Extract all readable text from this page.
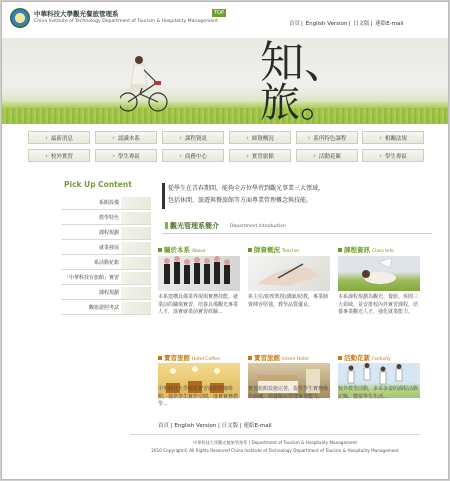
中華科技大學觀光餐旅管理系	TOP
China Institute of Technology Department of Tourism & Hospitality Management	首頁| English Version| 日文版| 連絡E-mail
知、
旅。
› 最新消息	› 認識本系	› 課程資訊	› 師資概況	› 系所特色課程	› 相關法規
› 校外實習	› 學生專區	› 商務中心	› 實習旅館	› 活動花絮	› 學生專區
Pick Up Content
系館設備
教學特色
課程規劃
就業發展
系活動花絮
「中華科技有旅館」實習
課程規劃
觀旅證照考試
從學生在青春期間，能夠全方位學習到觀光事業三大領域，
包括休閒、旅遊與餐旅館等方面專業管理概念與技能。
觀光管理系簡介 Department Introduction
關於本系 About
本系建構具備業界現場實務技能、就業前的職場實習，培養具備觀光專業人才，落實就業前實習經驗...
師資概況 Teacher
系主任/助理教授/講師/助教，專業師資陣容堅強，教學品質優良。
課程資訊 Class Info
本系課程規劃為觀光、餐旅、休閒三大領域，並安排校內外實習課程，培養專業觀光人才，強化就業能力。
實習旅館 Hotel Coffee
中華科技大學附設實習旅館暨咖啡館，提供學生實作空間，落實實務教學...
實習旅館 Intern Hotel
實習旅館設施完善，提供學生實務操作訓練，培養飯店管理專業能力。
活動花絮 Festivity
校外教學活動，多采多姿的課程活動記錄，豐富學生生活...
首頁 | English Version | 日文版 | 連絡E-mail
中華科技大學觀光餐旅管理系 | Department of Tourism & Hospitality Management
2010 Copyright© All Rights Reserved China Institute of Technology Department of Tourism & Hospitality Management
